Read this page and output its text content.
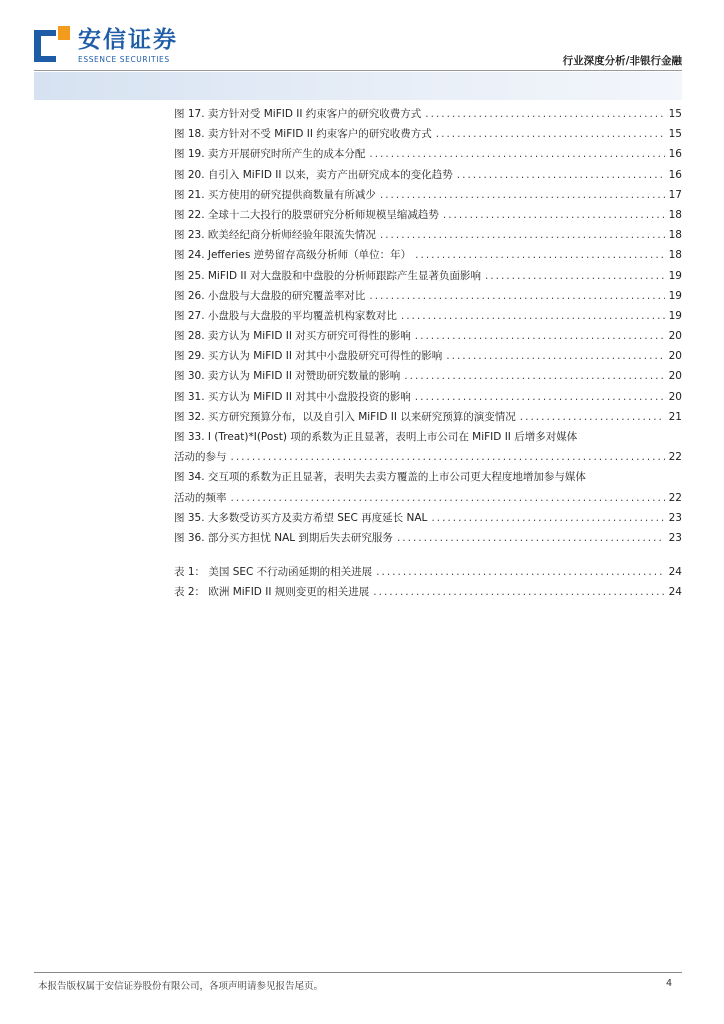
安信证券
ESSENCE SECURITIES	行业深度分析/非银行金融
图 17. 卖方针对受 MiFID II 约束客户的研究收费方式 .....	15
图 18. 卖方针对不受 MiFID II 约束客户的研究收费方式 .....	15
图 19. 卖方开展研究时所产生的成本分配 .....	16
图 20. 自引入 MiFID II 以来，卖方产出研究成本的变化趋势 .....	16
图 21. 买方使用的研究提供商数量有所减少 .....	17
图 22. 全球十二大投行的股票研究分析师规模呈缩减趋势 .....	18
图 23. 欧美经纪商分析师经验年限流失情况 .....	18
图 24. Jefferies 逆势留存高级分析师（单位：年） .....	18
图 25. MiFID II 对大盘股和中盘股的分析师跟踪产生显著负面影响 .....	19
图 26. 小盘股与大盘股的研究覆盖率对比 .....	19
图 27. 小盘股与大盘股的平均覆盖机构家数对比 .....	19
图 28. 卖方认为 MiFID II 对买方研究可得性的影响 .....	20
图 29. 买方认为 MiFID II 对其中小盘股研究可得性的影响 .....	20
图 30. 卖方认为 MiFID II 对赞助研究数量的影响 .....	20
图 31. 买方认为 MiFID II 对其中小盘股投资的影响 .....	20
图 32. 买方研究预算分布，以及自引入 MiFID II 以来研究预算的演变情况 .....	21
图 33. I (Treat)*I(Post) 项的系数为正且显著，表明上市公司在 MiFID II 后增多对媒体
活动的参与 .....	22
图 34. 交互项的系数为正且显著，表明失去卖方覆盖的上市公司更大程度地增加参与媒体
活动的频率 .....	22
图 35. 大多数受访买方及卖方希望 SEC 再度延长 NAL .....	23
图 36. 部分买方担忧 NAL 到期后失去研究服务 .....	23
表 1： 美国 SEC 不行动函延期的相关进展 .....	24
表 2： 欧洲 MiFID II 规则变更的相关进展 .....	24
本报告版权属于安信证券股份有限公司，各项声明请参见报告尾页。	4
